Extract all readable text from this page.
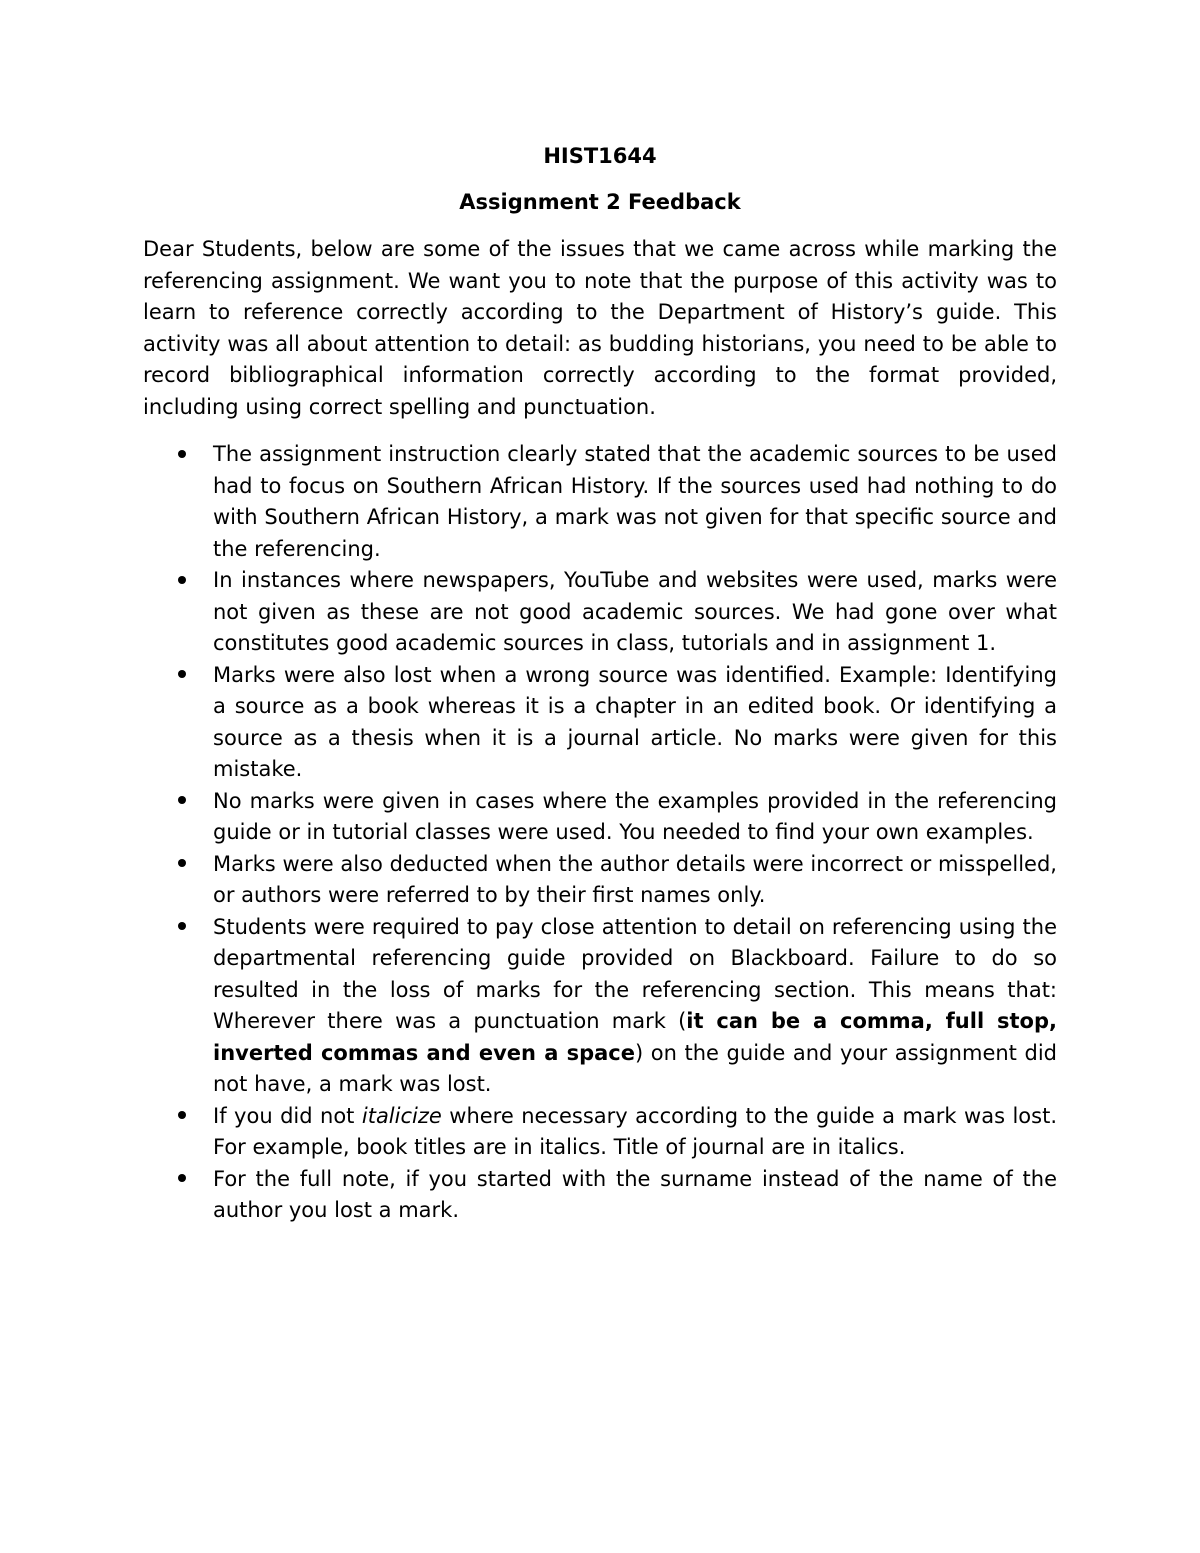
HIST1644

Assignment 2 Feedback

Dear Students, below are some of the issues that we came across while marking the referencing assignment. We want you to note that the purpose of this activity was to learn to reference correctly according to the Department of History’s guide. This activity was all about attention to detail: as budding historians, you need to be able to record bibliographical information correctly according to the format provided, including using correct spelling and punctuation.

The assignment instruction clearly stated that the academic sources to be used had to focus on Southern African History. If the sources used had nothing to do with Southern African History, a mark was not given for that specific source and the referencing.
In instances where newspapers, YouTube and websites were used, marks were not given as these are not good academic sources. We had gone over what constitutes good academic sources in class, tutorials and in assignment 1.
Marks were also lost when a wrong source was identified. Example: Identifying a source as a book whereas it is a chapter in an edited book. Or identifying a source as a thesis when it is a journal article. No marks were given for this mistake.
No marks were given in cases where the examples provided in the referencing guide or in tutorial classes were used. You needed to find your own examples.
Marks were also deducted when the author details were incorrect or misspelled, or authors were referred to by their first names only.
Students were required to pay close attention to detail on referencing using the departmental referencing guide provided on Blackboard. Failure to do so resulted in the loss of marks for the referencing section. This means that: Wherever there was a punctuation mark (it can be a comma, full stop, inverted commas and even a space) on the guide and your assignment did not have, a mark was lost.
If you did not italicize where necessary according to the guide a mark was lost. For example, book titles are in italics. Title of journal are in italics.
For the full note, if you started with the surname instead of the name of the author you lost a mark.
